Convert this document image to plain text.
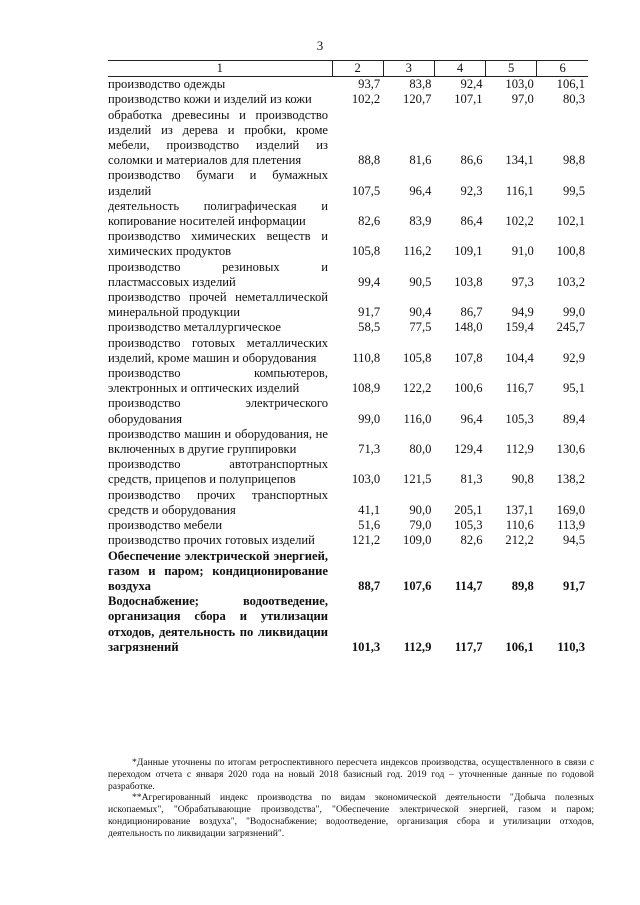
3
1	2	3	4	5	6
производство одежды	93,7	83,8	92,4	103,0	106,1
производство кожи и изделий из кожи	102,2	120,7	107,1	97,0	80,3
обработка древесины и производство изделий из дерева и пробки, кроме мебели, производство изделий из соломки и материалов для плетения	88,8	81,6	86,6	134,1	98,8
производство бумаги и бумажных изделий	107,5	96,4	92,3	116,1	99,5
деятельность полиграфическая и копирование носителей информации	82,6	83,9	86,4	102,2	102,1
производство химических веществ и химических продуктов	105,8	116,2	109,1	91,0	100,8
производство резиновых и пластмассовых изделий	99,4	90,5	103,8	97,3	103,2
производство прочей неметаллической минеральной продукции	91,7	90,4	86,7	94,9	99,0
производство металлургическое	58,5	77,5	148,0	159,4	245,7
производство готовых металлических изделий, кроме машин и оборудования	110,8	105,8	107,8	104,4	92,9
производство компьютеров, электронных и оптических изделий	108,9	122,2	100,6	116,7	95,1
производство электрического оборудования	99,0	116,0	96,4	105,3	89,4
производство машин и оборудования, не включенных в другие группировки	71,3	80,0	129,4	112,9	130,6
производство автотранспортных средств, прицепов и полуприцепов	103,0	121,5	81,3	90,8	138,2
производство прочих транспортных средств и оборудования	41,1	90,0	205,1	137,1	169,0
производство мебели	51,6	79,0	105,3	110,6	113,9
производство прочих готовых изделий	121,2	109,0	82,6	212,2	94,5
Обеспечение электрической энергией, газом и паром; кондиционирование воздуха	88,7	107,6	114,7	89,8	91,7
Водоснабжение; водоотведение, организация сбора и утилизации отходов, деятельность по ликвидации загрязнений	101,3	112,9	117,7	106,1	110,3

*Данные уточнены по итогам ретроспективного пересчета индексов производства, осуществленного в связи с переходом отчета с января 2020 года на новый 2018 базисный год. 2019 год – уточненные данные по годовой разработке.

**Агрегированный индекс производства по видам экономической деятельности "Добыча полезных ископаемых", "Обрабатывающие производства", "Обеспечение электрической энергией, газом и паром; кондиционирование воздуха", "Водоснабжение; водоотведение, организация сбора и утилизации отходов, деятельность по ликвидации загрязнений".
